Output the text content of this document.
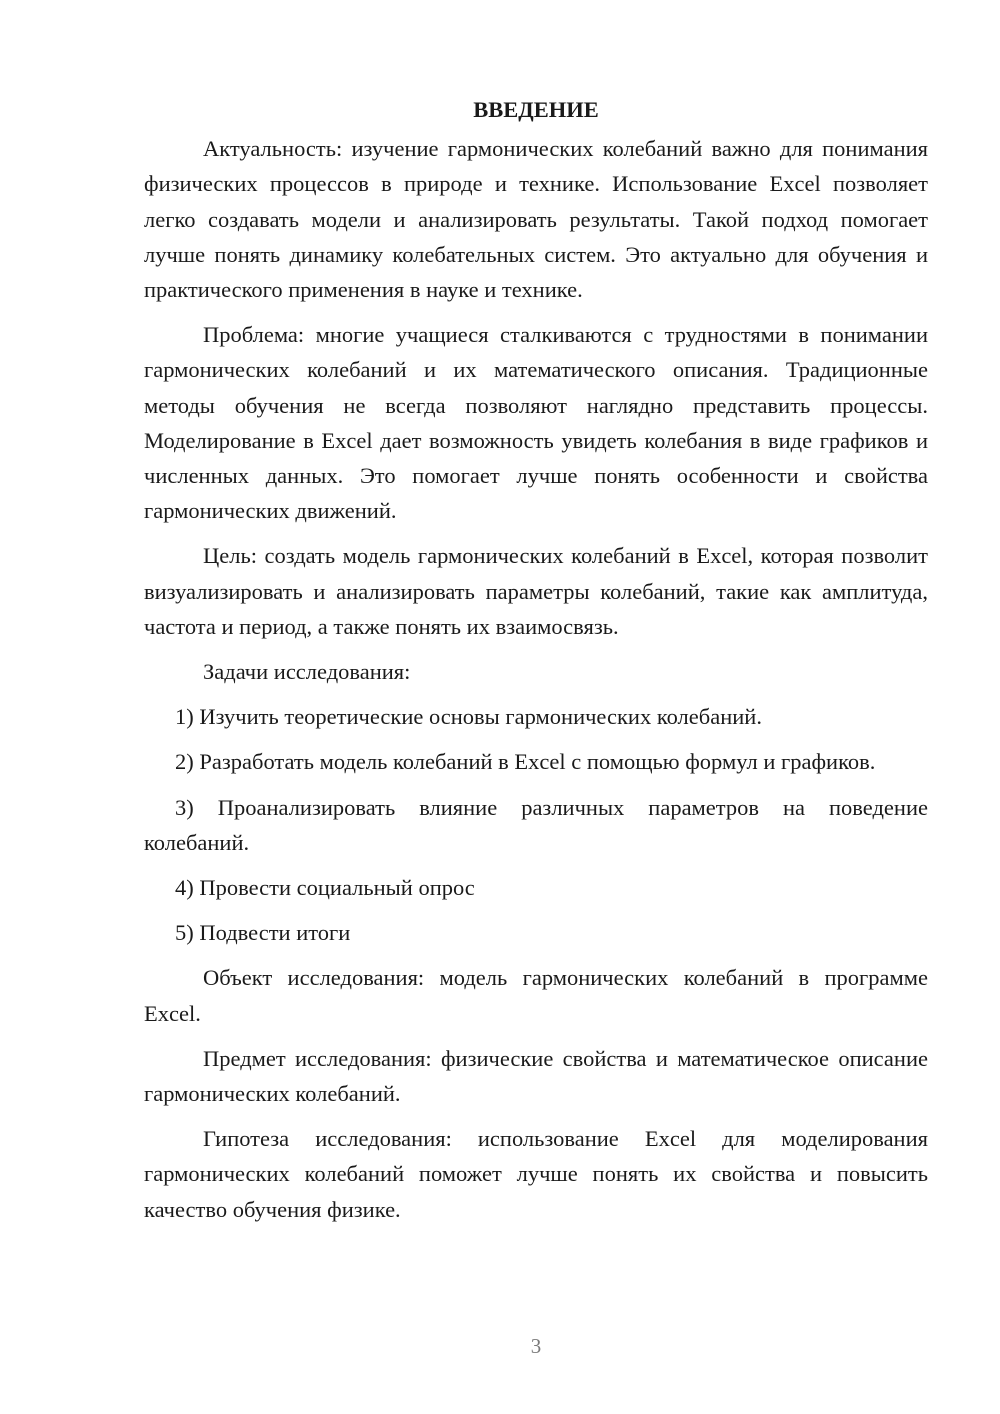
ВВЕДЕНИЕ

Актуальность: изучение гармонических колебаний важно для понимания физических процессов в природе и технике. Использование Excel позволяет легко создавать модели и анализировать результаты. Такой подход помогает лучше понять динамику колебательных систем. Это актуально для обучения и практического применения в науке и технике.

Проблема: многие учащиеся сталкиваются с трудностями в понимании гармонических колебаний и их математического описания. Традиционные методы обучения не всегда позволяют наглядно представить процессы. Моделирование в Excel дает возможность увидеть колебания в виде графиков и численных данных. Это помогает лучше понять особенности и свойства гармонических движений.

Цель: создать модель гармонических колебаний в Excel, которая позволит визуализировать и анализировать параметры колебаний, такие как амплитуда, частота и период, а также понять их взаимосвязь.

Задачи исследования:

1) Изучить теоретические основы гармонических колебаний.

2) Разработать модель колебаний в Excel с помощью формул и графиков.

3) Проанализировать влияние различных параметров на поведение колебаний.

4) Провести социальный опрос

5) Подвести итоги

Объект исследования: модель гармонических колебаний в программе Excel.

Предмет исследования: физические свойства и математическое описание гармонических колебаний.

Гипотеза исследования: использование Excel для моделирования гармонических колебаний поможет лучше понять их свойства и повысить качество обучения физике.

3
